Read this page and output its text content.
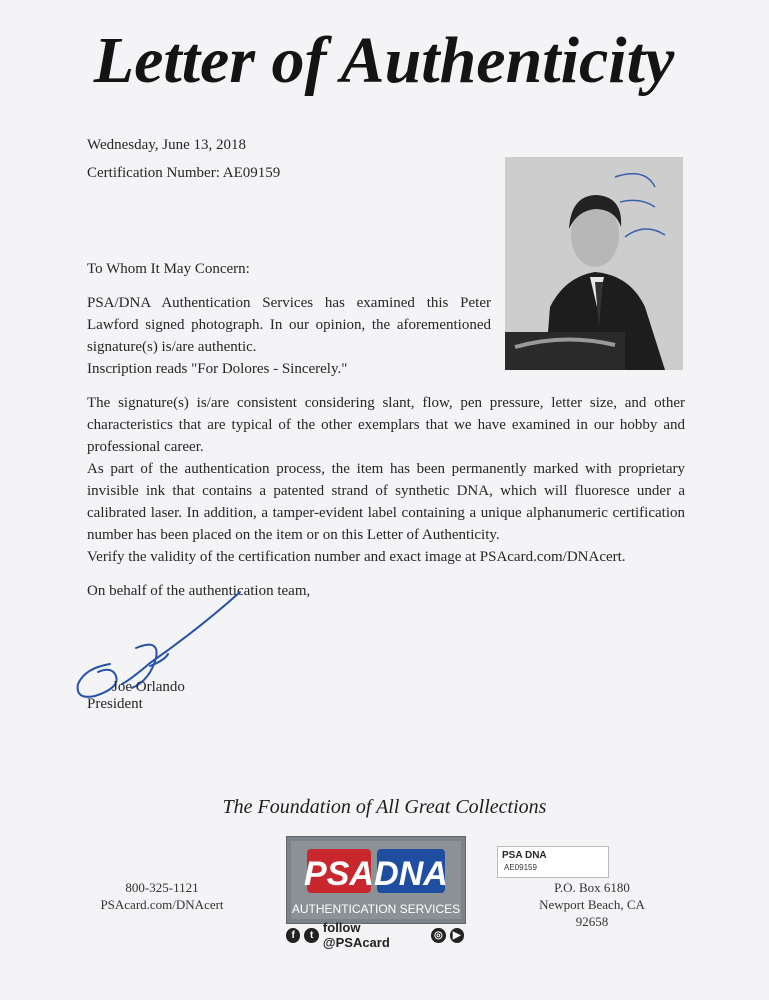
Letter of Authenticity
Wednesday, June 13, 2018
Certification Number: AE09159
To Whom It May Concern:
PSA/DNA Authentication Services has examined this Peter Lawford signed photograph. In our opinion, the aforementioned signature(s) is/are authentic.
Inscription reads "For Dolores - Sincerely."
The signature(s) is/are consistent considering slant, flow, pen pressure, letter size, and other characteristics that are typical of the other exemplars that we have examined in our hobby and professional career.
As part of the authentication process, the item has been permanently marked with proprietary invisible ink that contains a patented strand of synthetic DNA, which will fluoresce under a calibrated laser. In addition, a tamper-evident label containing a unique alphanumeric certification number has been placed on the item or on this Letter of Authenticity.
Verify the validity of the certification number and exact image at PSAcard.com/DNAcert.
On behalf of the authentication team,
Joe Orlando
President
The Foundation of All Great Collections
800-325-1121
PSAcard.com/DNAcert
PSA DNA
AUTHENTICATION SERVICES
f	t follow @PSAcard	◎	▶
PSA DNA
AE09159
P.O. Box 6180
Newport Beach, CA 92658
